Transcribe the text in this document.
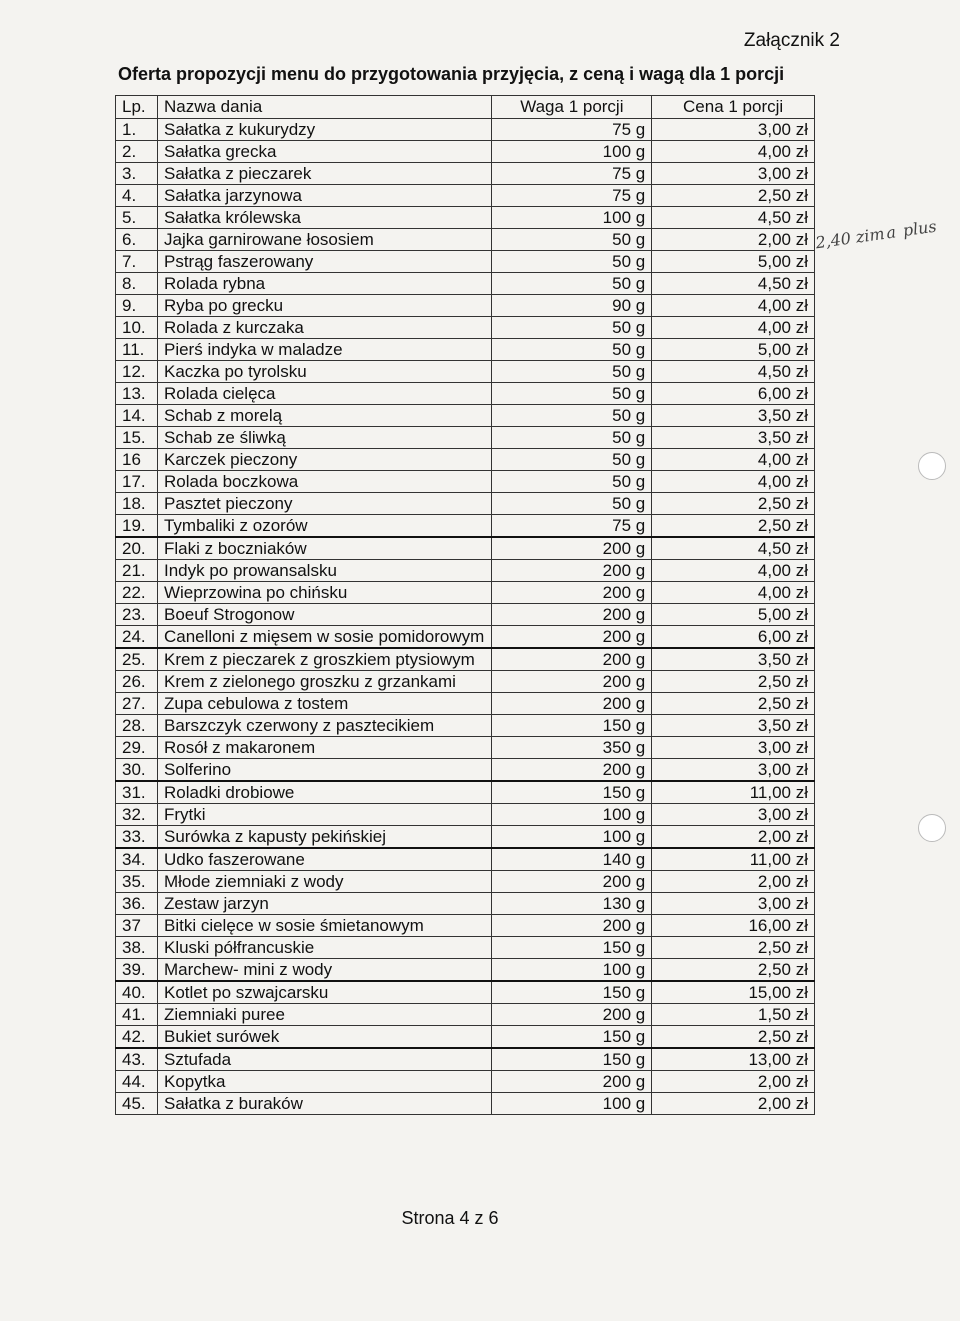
Załącznik 2
Oferta propozycji menu do przygotowania przyjęcia, z ceną i wagą dla 1 porcji
Lp.	Nazwa dania	Waga 1 porcji	Cena 1 porcji
1.	Sałatka z kukurydzy	75 g	3,00 zł
2.	Sałatka grecka	100 g	4,00 zł
3.	Sałatka z pieczarek	75 g	3,00 zł
4.	Sałatka jarzynowa	75 g	2,50 zł
5.	Sałatka królewska	100 g	4,50 zł
6.	Jajka garnirowane łososiem	50 g	2,00 zł
7.	Pstrąg faszerowany	50 g	5,00 zł
8.	Rolada rybna	50 g	4,50 zł
9.	Ryba po grecku	90 g	4,00 zł
10.	Rolada z kurczaka	50 g	4,00 zł
11.	Pierś indyka w maladze	50 g	5,00 zł
12.	Kaczka po tyrolsku	50 g	4,50 zł
13.	Rolada cielęca	50 g	6,00 zł
14.	Schab z morelą	50 g	3,50 zł
15.	Schab ze śliwką	50 g	3,50 zł
16	Karczek pieczony	50 g	4,00 zł
17.	Rolada boczkowa	50 g	4,00 zł
18.	Pasztet pieczony	50 g	2,50 zł
19.	Tymbaliki z ozorów	75 g	2,50 zł
20.	Flaki z boczniaków	200 g	4,50 zł
21.	Indyk po prowansalsku	200 g	4,00 zł
22.	Wieprzowina po chińsku	200 g	4,00 zł
23.	Boeuf Strogonow	200 g	5,00 zł
24.	Canelloni z mięsem w sosie pomidorowym	200 g	6,00 zł
25.	Krem z pieczarek z groszkiem ptysiowym	200 g	3,50 zł
26.	Krem z zielonego groszku z grzankami	200 g	2,50 zł
27.	Zupa cebulowa z tostem	200 g	2,50 zł
28.	Barszczyk czerwony z pasztecikiem	150 g	3,50 zł
29.	Rosół z makaronem	350 g	3,00 zł
30.	Solferino	200 g	3,00 zł
31.	Roladki drobiowe	150 g	11,00 zł
32.	Frytki	100 g	3,00 zł
33.	Surówka z kapusty pekińskiej	100 g	2,00 zł
34.	Udko faszerowane	140 g	11,00 zł
35.	Młode ziemniaki z wody	200 g	2,00 zł
36.	Zestaw jarzyn	130 g	3,00 zł
37	Bitki cielęce w sosie śmietanowym	200 g	16,00 zł
38.	Kluski półfrancuskie	150 g	2,50 zł
39.	Marchew- mini z wody	100 g	2,50 zł
40.	Kotlet po szwajcarsku	150 g	15,00 zł
41.	Ziemniaki puree	200 g	1,50 zł
42.	Bukiet surówek	150 g	2,50 zł
43.	Sztufada	150 g	13,00 zł
44.	Kopytka	200 g	2,00 zł
45.	Sałatka z buraków	100 g	2,00 zł
Strona 4 z 6
2,40 zima plus
